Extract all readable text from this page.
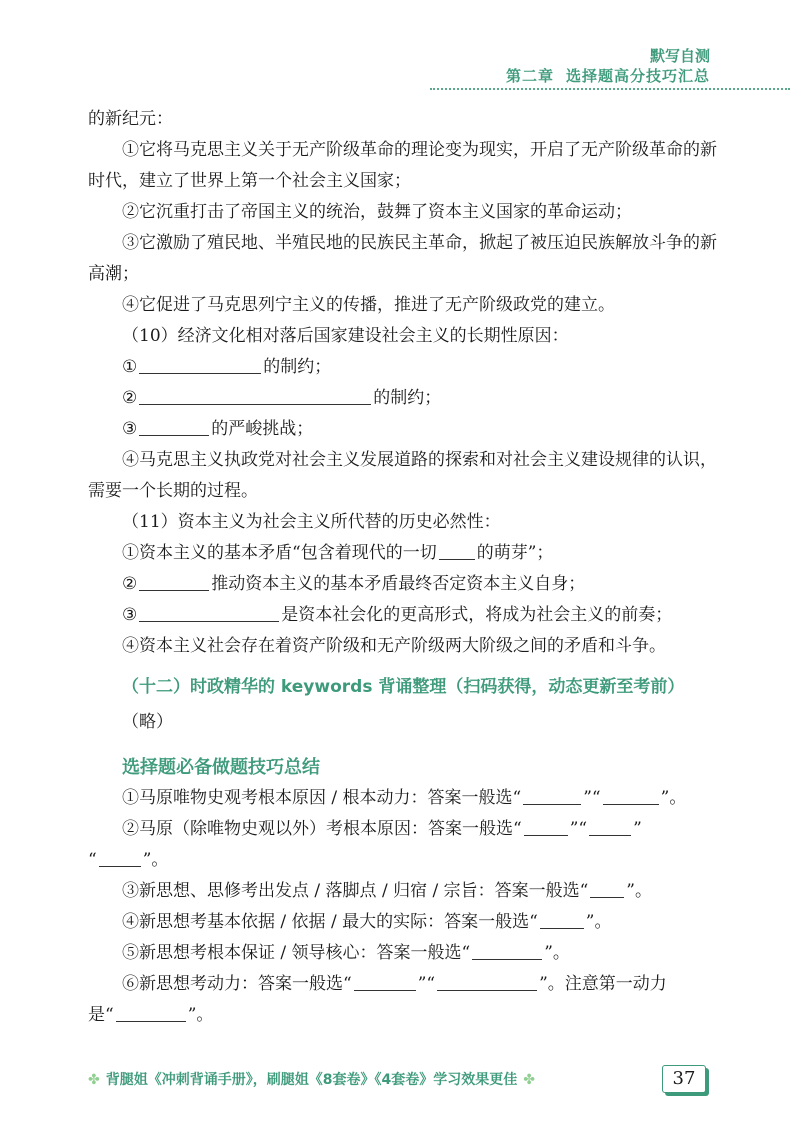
默写自测
第二章 选择题高分技巧汇总

的新纪元：

①它将马克思主义关于无产阶级革命的理论变为现实，开启了无产阶级革命的新时代，建立了世界上第一个社会主义国家；

②它沉重打击了帝国主义的统治，鼓舞了资本主义国家的革命运动；

③它激励了殖民地、半殖民地的民族民主革命，掀起了被压迫民族解放斗争的新高潮；

④它促进了马克思列宁主义的传播，推进了无产阶级政党的建立。

（10）经济文化相对落后国家建设社会主义的长期性原因：

①	的制约；

②	的制约；

③	的严峻挑战；

④马克思主义执政党对社会主义发展道路的探索和对社会主义建设规律的认识，需要一个长期的过程。

（11）资本主义为社会主义所代替的历史必然性：

①资本主义的基本矛盾“包含着现代的一切 的萌芽”；

②	推动资本主义的基本矛盾最终否定资本主义自身；

③	是资本社会化的更高形式，将成为社会主义的前奏；

④资本主义社会存在着资产阶级和无产阶级两大阶级之间的矛盾和斗争。

（十二）时政精华的 keywords 背诵整理（扫码获得，动态更新至考前）

（略）

选择题必备做题技巧总结

①马原唯物史观考根本原因 / 根本动力：答案一般选“	”“	”。

②马原（除唯物史观以外）考根本原因：答案一般选“	”“	”

“	”。

③新思想、思修考出发点 / 落脚点 / 归宿 / 宗旨：答案一般选“ ”。

④新思想考基本依据 / 依据 / 最大的实际：答案一般选“	”。

⑤新思想考根本保证 / 领导核心：答案一般选“	”。

⑥新思想考动力：答案一般选“	”“	”。注意第一动力

是“	”。

✤ 背腿姐《冲刺背诵手册》，刷腿姐《8套卷》《4套卷》学习效果更佳 ✤	37
